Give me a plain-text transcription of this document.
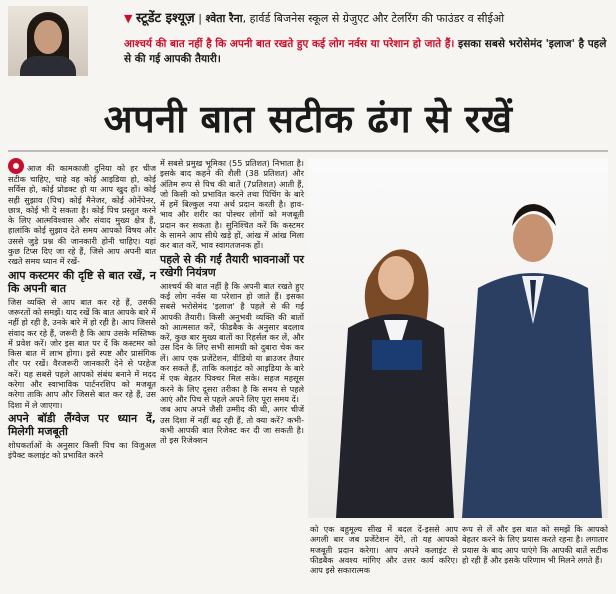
▼ स्टूडेंट इश्यूज़ | श्वेता रैना, हार्वर्ड बिजनेस स्कूल से ग्रेजुएट और टेलरिंग की फाउंडर व सीईओ
आश्चर्य की बात नहीं है कि अपनी बात रखते हुए कई लोग नर्वस या परेशान हो जाते हैं। इसका सबसे भरोसेमंद 'इलाज' है पहले से की गई आपकी तैयारी।
अपनी बात सटीक ढंग से रखें

आज की कामकाजी दुनिया को हर चीज सटीक चाहिए, चाहे वह कोई आइडिया हो, कोई सर्विस हो, कोई प्रोडक्ट हो या आप खुद हों। कोई सही सुझाव (पिच) कोई मैनेजर, कोई ओनेंपेनर, छात्र, कोई भी दे सकता है। कोई पिच प्रस्तुत करने के लिए आत्मविश्वास और संवाद मुख्य क्षेत्र हैं, हालांकि कोई सुझाव देते समय आपको विषय और उससे जुड़े प्रश्न की जानकारी होनी चाहिए। यहां कुछ टिप्स दिए जा रहे हैं, जिसे आप अपनी बात रखते समय ध्यान में रखें-

आप कस्टमर की दृष्टि से बात रखें, न कि अपनी बात

जिस व्यक्ति से आप बात कर रहे हैं, उसकी जरूरतों को समझें। याद रखें कि बात आपके बारे में नहीं हो रही है, उनके बारे में हो रही है। आप जिससे संवाद कर रहे हैं, जरूरी है कि आप उसके मस्तिष्क में प्रवेश करें। जोर इस बात पर दें कि कस्टमर को किस बात में लाभ होगा। इसे स्पष्ट और प्रासंगिक तौर पर रखें। वैरजरूरी जानकारी देने से परहेज करें। यह सबसे पहले आपको संबंध बनाने में मदद करेगा और स्वाभाविक पार्टनरशिप को मजबूत करेगा ताकि आप और जिससे बात कर रहे हैं, उस दिशा में ले जाएगा।

अपने बॉडी लैंग्वेज पर ध्यान दें, मिलेगी मजबूती

शोधकर्ताओं के अनुसार किसी पिच का विजुअल इंपैक्ट कलाइंट को प्रभावित करने

में सबसे प्रमुख भूमिका (55 प्रतिशत) निभाता है। इसके बाद कहने की शैली (38 प्रतिशत) और अंतिम रूप से पिच की बातें (7प्रतिशत) आती हैं, जो किसी को प्रभावित करने तथा पिचिंग के बारे में हमें बिल्कुल नया अर्थ प्रदान करती है। हाव-भाव और शरीर का पोस्चर लोगों को मजबूती प्रदान कर सकता है। सुनिश्चित करें कि कस्टमर के सामने आप सीधे खड़े हों, आंख में आंख मिला कर बात करें, भाव स्वागतजनक हों।

पहले से की गई तैयारी भावनाओं पर रखेगी नियंत्रण

आश्चर्य की बात नहीं है कि अपनी बात रखते हुए कई लोग नर्वस या परेशान हो जाते हैं। इसका सबसे भरोसेमंद 'इलाज' है पहले से की गई आपकी तैयारी। किसी अनुभवी व्यक्ति की बातों को आत्मसात करें, फीडबैक के अनुसार बदलाव करें, कुछ बार मुख्य बातों का रिहर्सल कर लें, और उस दिन के लिए सभी सामग्री को दुबारा चेक कर लें। आप एक प्रजेंटेशन, वीडियो या ब्राउजर तैयार कर सकते हैं, ताकि कलाइंट को आइडिया के बारे में एक बेहतर पिक्चर मिल सके। सहज महसूस करने के लिए दूसरा तरीका है कि समय से पहले आएं और पिच से पहले अपने लिए पूरा समय दें।

जब आप अपने जैसी उम्मीद की थी, अगर चीजें उस दिशा में नहीं बढ़ रही हैं, तो क्या करें? कभी-कभी आपकी बात रिजेक्ट कर दी जा सकती है। तो इस रिजेक्शन

को एक बहुमूल्य सीख में बदल दें-इससे आप अगली बार जब प्रजेंटेशन देंगे, तो यह आपको मजबूती प्रदान करेगा। आप अपने कलाइंट से फीडबैक अवश्य मांगिए और उत्तर कार्य करिए। आप इसे सकारात्मक

रूप से लें और इस बात को समझें कि आपको बेहतर करने के लिए प्रयास करते रहना है। लगातार प्रयास के बाद आप पाएंगे कि आपकी बातें सटीक हो रही हैं और इसके परिणाम भी मिलने लगते हैं।
